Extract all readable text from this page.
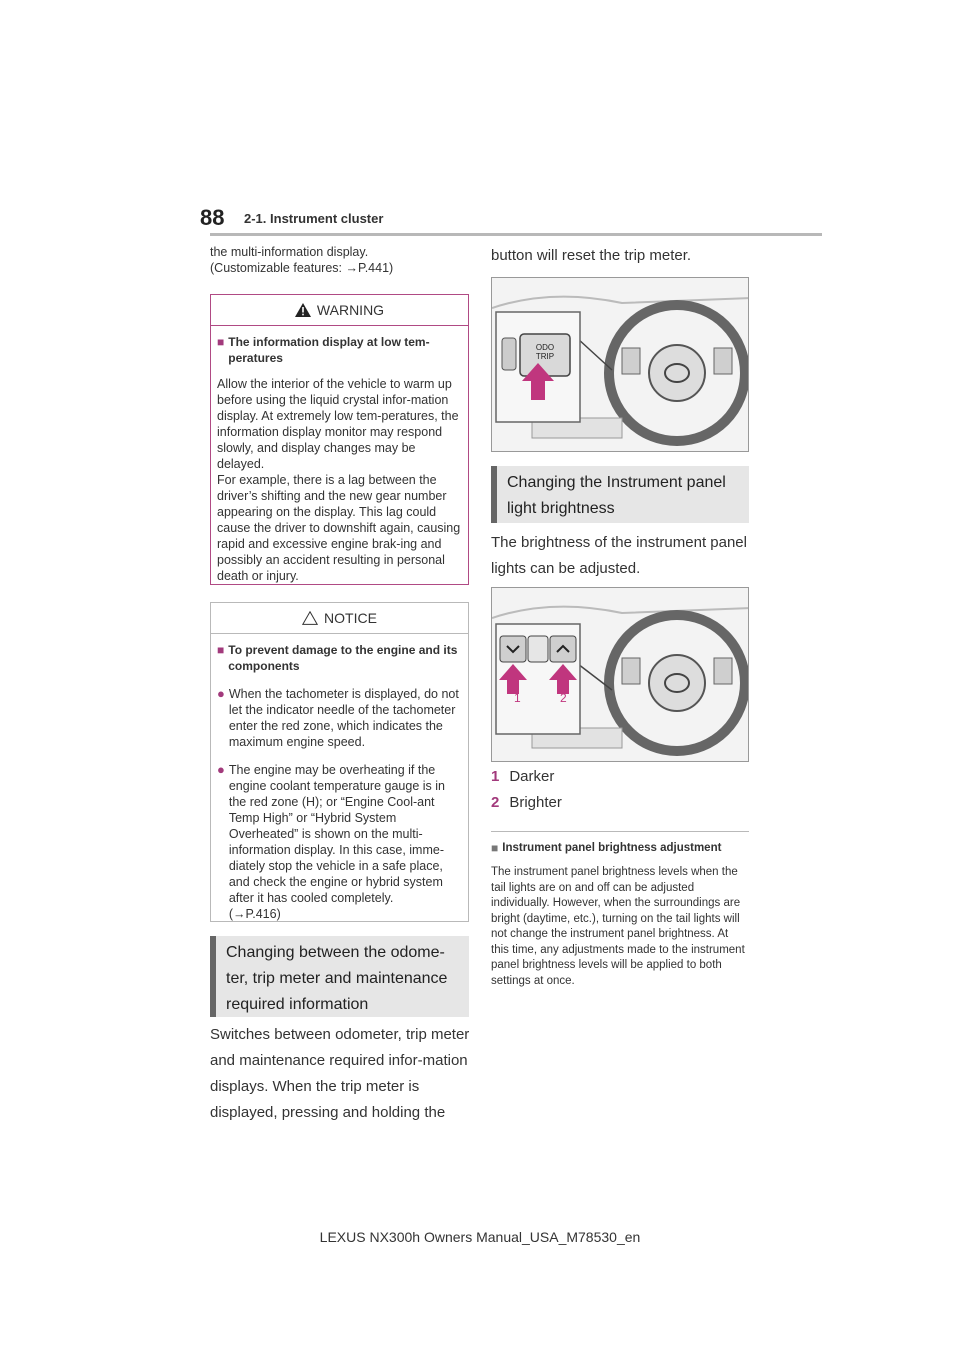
88 2-1. Instrument cluster
the multi-information display.
(Customizable features: →P.441)
WARNING
■ The information display at low tem-peratures
Allow the interior of the vehicle to warm up before using the liquid crystal infor-mation display. At extremely low tem-peratures, the information display monitor may respond slowly, and display changes may be delayed.
For example, there is a lag between the driver’s shifting and the new gear number appearing on the display. This lag could cause the driver to downshift again, causing rapid and excessive engine brak-ing and possibly an accident resulting in personal death or injury.
NOTICE
■ To prevent damage to the engine and its components
● When the tachometer is displayed, do not let the indicator needle of the tachometer enter the red zone, which indicates the maximum engine speed.
● The engine may be overheating if the engine coolant temperature gauge is in the red zone (H); or “Engine Cool-ant Temp High” or “Hybrid System Overheated” is shown on the multi-information display. In this case, imme-diately stop the vehicle in a safe place, and check the engine or hybrid system after it has cooled completely.
(→P.416)
Changing between the odome-ter, trip meter and maintenance required information
Switches between odometer, trip meter and maintenance required infor-mation displays. When the trip meter is displayed, pressing and holding the
button will reset the trip meter.
ODO
TRIP
Changing the Instrument panel light brightness
The brightness of the instrument panel lights can be adjusted.
1	2
1 Darker
2 Brighter
■ Instrument panel brightness adjustment
The instrument panel brightness levels when the tail lights are on and off can be adjusted individually. However, when the surroundings are bright (daytime, etc.), turning on the tail lights will not change the instrument panel brightness. At this time, any adjustments made to the instrument panel brightness levels will be applied to both settings at once.
LEXUS NX300h Owners Manual_USA_M78530_en
